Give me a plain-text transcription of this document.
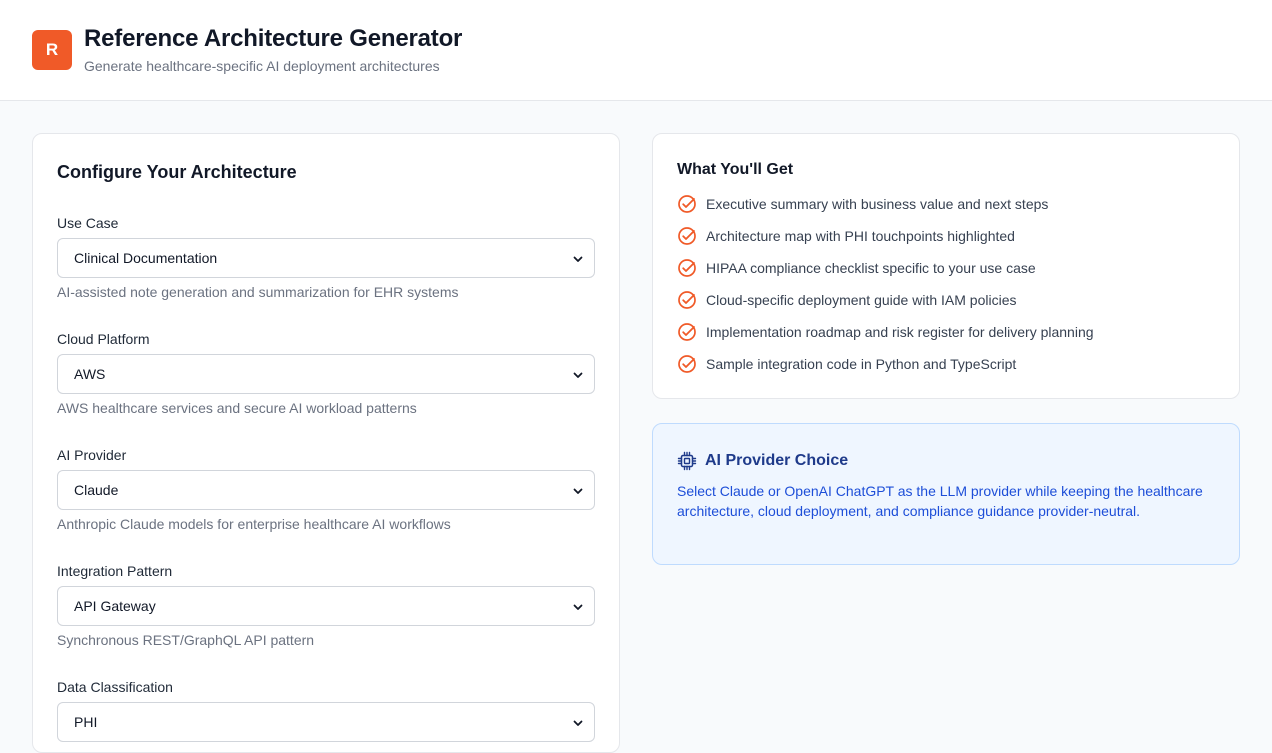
R	Reference Architecture Generator
Generate healthcare-specific AI deployment architectures
Configure Your Architecture
Use Case
Clinical Documentation
AI-assisted note generation and summarization for EHR systems
Cloud Platform
AWS
AWS healthcare services and secure AI workload patterns
AI Provider
Claude
Anthropic Claude models for enterprise healthcare AI workflows
Integration Pattern
API Gateway
Synchronous REST/GraphQL API pattern
Data Classification
PHI
What You'll Get
Executive summary with business value and next steps
Architecture map with PHI touchpoints highlighted
HIPAA compliance checklist specific to your use case
Cloud-specific deployment guide with IAM policies
Implementation roadmap and risk register for delivery planning
Sample integration code in Python and TypeScript
AI Provider Choice
Select Claude or OpenAI ChatGPT as the LLM provider while keeping the healthcare architecture, cloud deployment, and compliance guidance provider-neutral.
